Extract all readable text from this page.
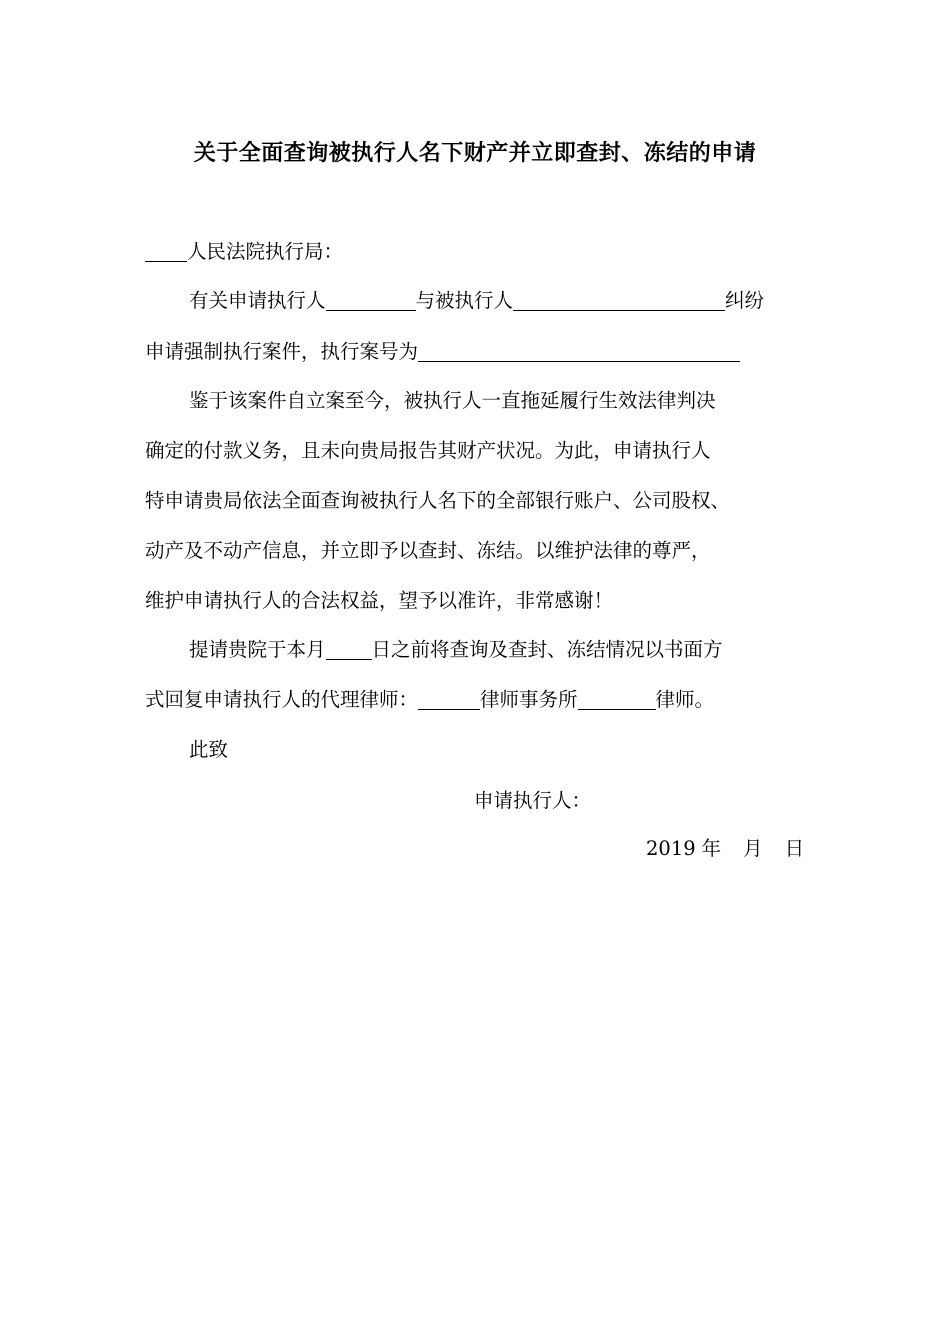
关于全面查询被执行人名下财产并立即查封、冻结的申请
人民法院执行局：
有关申请执行人	与被执行人	纠纷
申请强制执行案件，执行案号为
鉴于该案件自立案至今，被执行人一直拖延履行生效法律判决
确定的付款义务，且未向贵局报告其财产状况。为此，申请执行人
特申请贵局依法全面查询被执行人名下的全部银行账户、公司股权、
动产及不动产信息，并立即予以查封、冻结。以维护法律的尊严，
维护申请执行人的合法权益，望予以准许，非常感谢！
提请贵院于本月 日之前将查询及查封、冻结情况以书面方
式回复申请执行人的代理律师：	律师事务所	律师。
此致
申请执行人：
2019 年 月 日
